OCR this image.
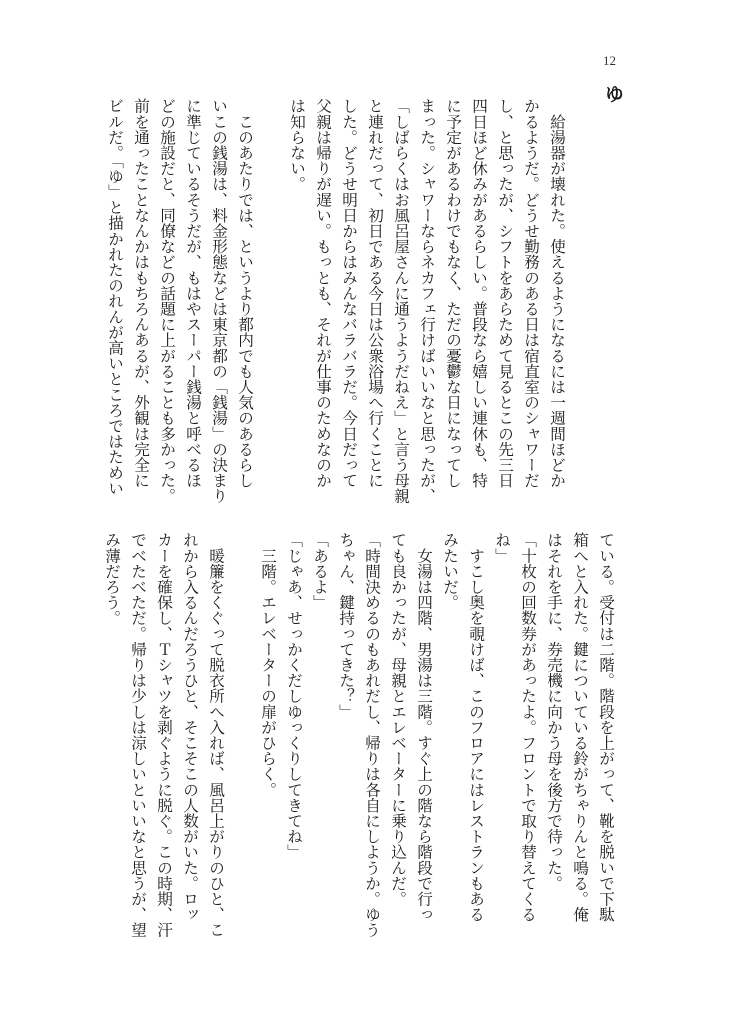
12
ゆ
　給湯器が壊れた。使えるようになるには一週間ほどか
かるようだ。どうせ勤務のある日は宿直室のシャワーだ
し、と思ったが、シフトをあらためて見るとこの先三日
四日ほど休みがあるらしい。普段なら嬉しい連休も、特
に予定があるわけでもなく、ただの憂鬱な日になってし
まった。シャワーならネカフェ行けばいいなと思ったが、
「しばらくはお風呂屋さんに通うようだねえ」と言う母親
と連れだって、初日である今日は公衆浴場へ行くことに
した。どうせ明日からはみんなバラバラだ。今日だって
父親は帰りが遅い。もっとも、それが仕事のためなのか
は知らない。

　このあたりでは、というより都内でも人気のあるらし
いこの銭湯は、料金形態などは東京都の「銭湯」の決まり
に準じているそうだが、もはやスーパー銭湯と呼べるほ
どの施設だと、同僚などの話題に上がることも多かった。
前を通ったことなんかはもちろんあるが、外観は完全に
ビルだ。「ゆ」と描かれたのれんが高いところではためい
ている。受付は二階。階段を上がって、靴を脱いで下駄
箱へと入れた。鍵についている鈴がちゃりんと鳴る。俺
はそれを手に、券売機に向かう母を後方で待った。
「十枚の回数券があったよ。フロントで取り替えてくる
ね」
　すこし奥を覗けば、このフロアにはレストランもある
みたいだ。
　女湯は四階、男湯は三階。すぐ上の階なら階段で行っ
ても良かったが、母親とエレベーターに乗り込んだ。
「時間決めるのもあれだし、帰りは各自にしようか。ゆう
ちゃん、鍵持ってきた？」
「あるよ」
「じゃあ、せっかくだしゆっくりしてきてね」
　三階。エレベーターの扉がひらく。

　暖簾をくぐって脱衣所へ入れば、風呂上がりのひと、こ
れから入るんだろうひと、そこそこの人数がいた。ロッ
カーを確保し、Ｔシャツを剥ぐように脱ぐ。この時期、汗
でべたべただ。帰りは少しは涼しいといいなと思うが、望
み薄だろう。
